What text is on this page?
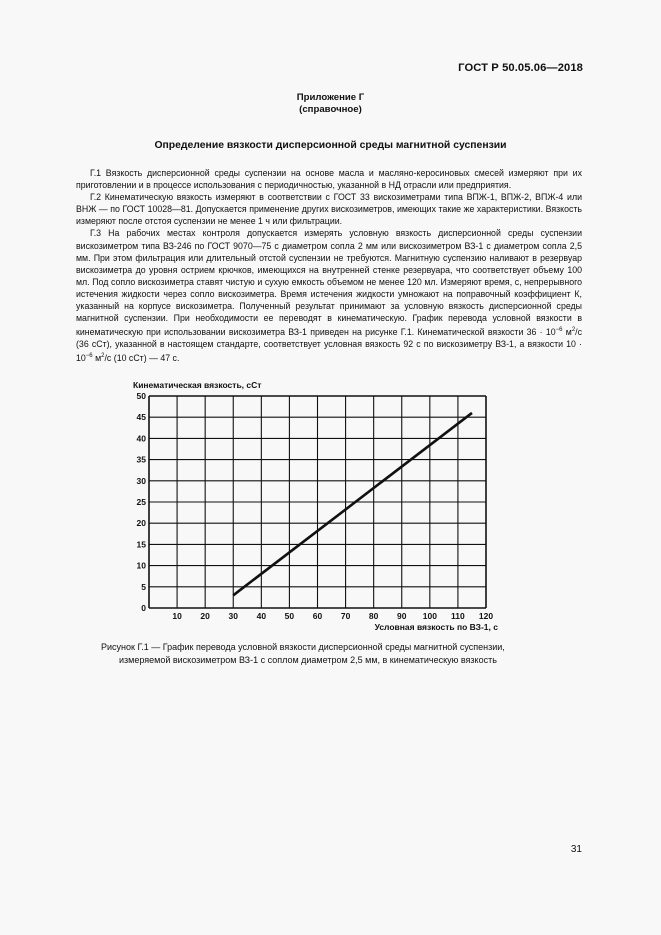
ГОСТ Р 50.05.06—2018
Приложение Г
(справочное)
Определение вязкости дисперсионной среды магнитной суспензии

Г.1 Вязкость дисперсионной среды суспензии на основе масла и масляно-керосиновых смесей измеряют при их приготовлении и в процессе использования с периодичностью, указанной в НД отрасли или предприятия.

Г.2 Кинематическую вязкость измеряют в соответствии с ГОСТ 33 вискозиметрами типа ВПЖ-1, ВПЖ-2, ВПЖ-4 или ВНЖ — по ГОСТ 10028—81. Допускается применение других вискозиметров, имеющих такие же характеристики. Вязкость измеряют после отстоя суспензии не менее 1 ч или фильтрации.

Г.3 На рабочих местах контроля допускается измерять условную вязкость дисперсионной среды суспензии вискозиметром типа ВЗ-246 по ГОСТ 9070—75 с диаметром сопла 2 мм или вискозиметром ВЗ-1 с диаметром сопла 2,5 мм. При этом фильтрация или длительный отстой суспензии не требуются. Магнитную суспензию наливают в резервуар вискозиметра до уровня острием крючков, имеющихся на внутренней стенке резервуара, что соответствует объему 100 мл. Под сопло вискозиметра ставят чистую и сухую емкость объемом не менее 120 мл. Измеряют время, с, непрерывного истечения жидкости через сопло вискозиметра. Время истечения жидкости умножают на поправочный коэффициент К, указанный на корпусе вискозиметра. Полученный результат принимают за условную вязкость дисперсионной среды магнитной суспензии. При необходимости ее переводят в кинематическую. График перевода условной вязкости в кинематическую при использовании вискозиметра ВЗ-1 приведен на рисунке Г.1. Кинематической вязкости $36 \cdot 10^{-6}$ $м^2/с$ (36 сСт), указанной в настоящем стандарте, соответствует условная вязкость 92 с по вискозиметру ВЗ-1, а вязкости $10 \cdot 10^{-6}$ $м^2/с$ (10 сСт) — 47 с.

Кинематическая вязкость, сСт
Условная вязкость по ВЗ-1, с
10 20 30 40 50 60 70 80 90 100 110 120
0
5
10
15
20
25
30
35
40
45
50
Рисунок Г.1 — График перевода условной вязкости дисперсионной среды магнитной суспензии,
измеряемой вискозиметром ВЗ-1 с соплом диаметром 2,5 мм, в кинематическую вязкость
31
